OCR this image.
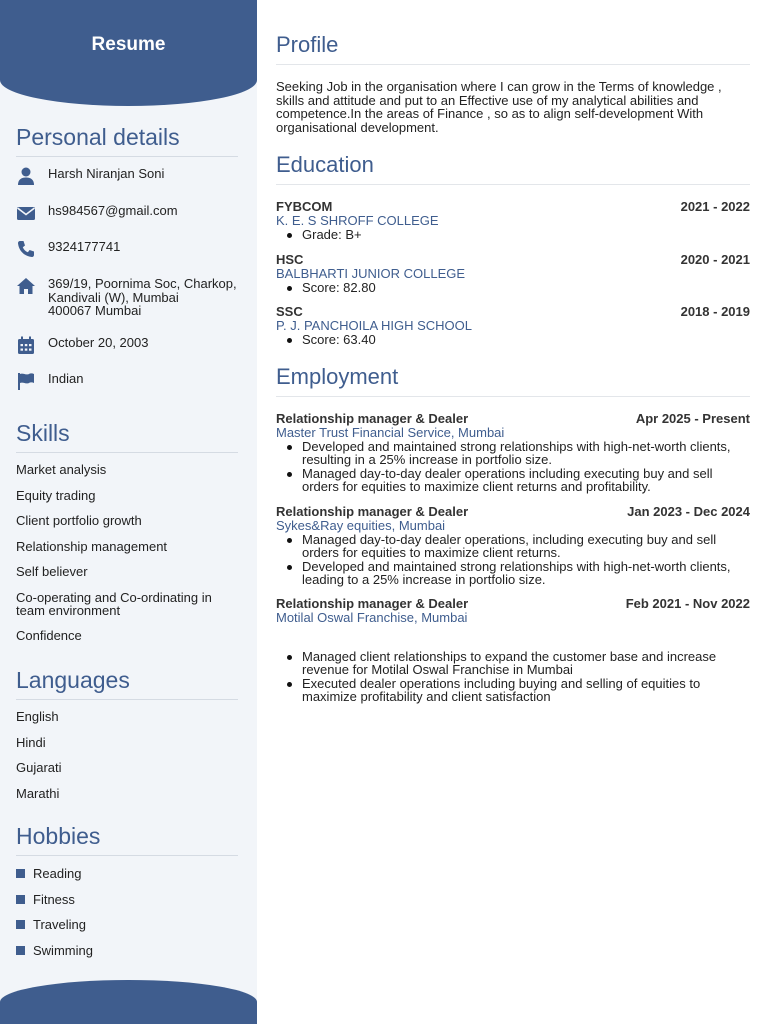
Resume
Personal details
Harsh Niranjan Soni
hs984567@gmail.com
9324177741
369/19, Poornima Soc, Charkop,
Kandivali (W), Mumbai
400067 Mumbai
October 20, 2003
Indian
Skills
Market analysis
Equity trading
Client portfolio growth
Relationship management
Self believer
Co-operating and Co-ordinating in
team environment
Confidence
Languages
English
Hindi
Gujarati
Marathi
Hobbies
Reading
Fitness
Traveling
Swimming
Profile
Seeking Job in the organisation where I can grow in the Terms of knowledge , skills and attitude and put to an Effective use of my analytical abilities and competence.In the areas of Finance , so as to align self-development With organisational development.
Education
FYBCOM	2021 - 2022
K. E. S SHROFF COLLEGE
Grade: B+
HSC	2020 - 2021
BALBHARTI JUNIOR COLLEGE
Score: 82.80
SSC	2018 - 2019
P. J. PANCHOILA HIGH SCHOOL
Score: 63.40
Employment
Relationship manager & Dealer	Apr 2025 - Present
Master Trust Financial Service, Mumbai
Developed and maintained strong relationships with high-net-worth clients, resulting in a 25% increase in portfolio size.
Managed day-to-day dealer operations including executing buy and sell orders for equities to maximize client returns and profitability.
Relationship manager & Dealer	Jan 2023 - Dec 2024
Sykes&Ray equities, Mumbai
Managed day-to-day dealer operations, including executing buy and sell orders for equities to maximize client returns.
Developed and maintained strong relationships with high-net-worth clients, leading to a 25% increase in portfolio size.
Relationship manager & Dealer	Feb 2021 - Nov 2022
Motilal Oswal Franchise, Mumbai
Managed client relationships to expand the customer base and increase revenue for Motilal Oswal Franchise in Mumbai
Executed dealer operations including buying and selling of equities to maximize profitability and client satisfaction
